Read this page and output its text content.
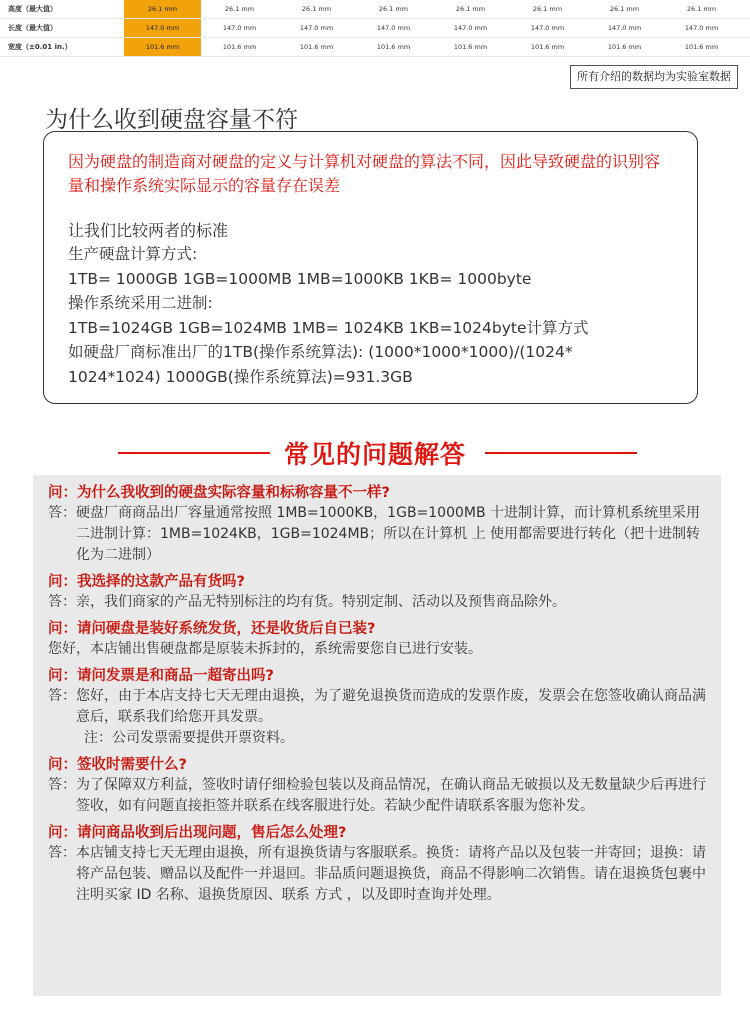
高度（最大值）	26.1 mm	26.1 mm	26.1 mm	26.1 mm	26.1 mm	26.1 mm	26.1 mm	26.1 mm
长度（最大值）	147.0 mm	147.0 mm	147.0 mm	147.0 mm	147.0 mm	147.0 mm	147.0 mm	147.0 mm
宽度（±0.01 in.）	101.6 mm	101.6 mm	101.6 mm	101.6 mm	101.6 mm	101.6 mm	101.6 mm	101.6 mm
所有介绍的数据均为实验室数据
为什么收到硬盘容量不符
因为硬盘的制造商对硬盘的定义与计算机对硬盘的算法不同，因此导致硬盘的识别容量和操作系统实际显示的容量存在误差
让我们比较两者的标准
生产硬盘计算方式:
1TB= 1000GB 1GB=1000MB 1MB=1000KB 1KB= 1000byte
操作系统采用二进制:
1TB=1024GB 1GB=1024MB 1MB= 1024KB 1KB=1024byte计算方式
如硬盘厂商标准出厂的1TB(操作系统算法): (1000*1000*1000)/(1024*
1024*1024) 1000GB(操作系统算法)=931.3GB
常见的问题解答
问：为什么我收到的硬盘实际容量和标称容量不一样?
答： 硬盘厂商商品出厂容量通常按照 1MB=1000KB，1GB=1000MB 十进制计算，而计算机系统里采用二进制计算：1MB=1024KB，1GB=1024MB；所以在计算机 上 使用都需要进行转化（把十进制转化为二进制）
问：我选择的这款产品有货吗?
答： 亲，我们商家的产品无特别标注的均有货。特别定制、活动以及预售商品除外。
问：请问硬盘是装好系统发货，还是收货后自已装?
您好，本店铺出售硬盘都是原装未拆封的，系统需要您自已进行安装。
问：请问发票是和商品一超寄出吗?
答： 您好，由于本店支持七天无理由退换，为了避免退换货而造成的发票作废，发票会在您签收确认商品满意后，联系我们给您开具发票。
注：公司发票需要提供开票资料。
问：签收时需要什么?
答： 为了保障双方利益，签收时请仔细检验包装以及商品情况，在确认商品无破损以及无数量缺少后再进行签收，如有问题直接拒签并联系在线客服进行处。若缺少配件请联系客服为您补发。
问：请问商品收到后出现问题，售后怎么处理?
答： 本店铺支持七天无理由退换，所有退换货请与客服联系。换货：请将产品以及包装一并寄回；退换：请将产品包装、赠品以及配件一并退回。非品质问题退换货，商品不得影响二次销售。请在退换货包裹中注明买家 ID 名称、退换货原因、联系 方式 ，以及即时查询并处理。
